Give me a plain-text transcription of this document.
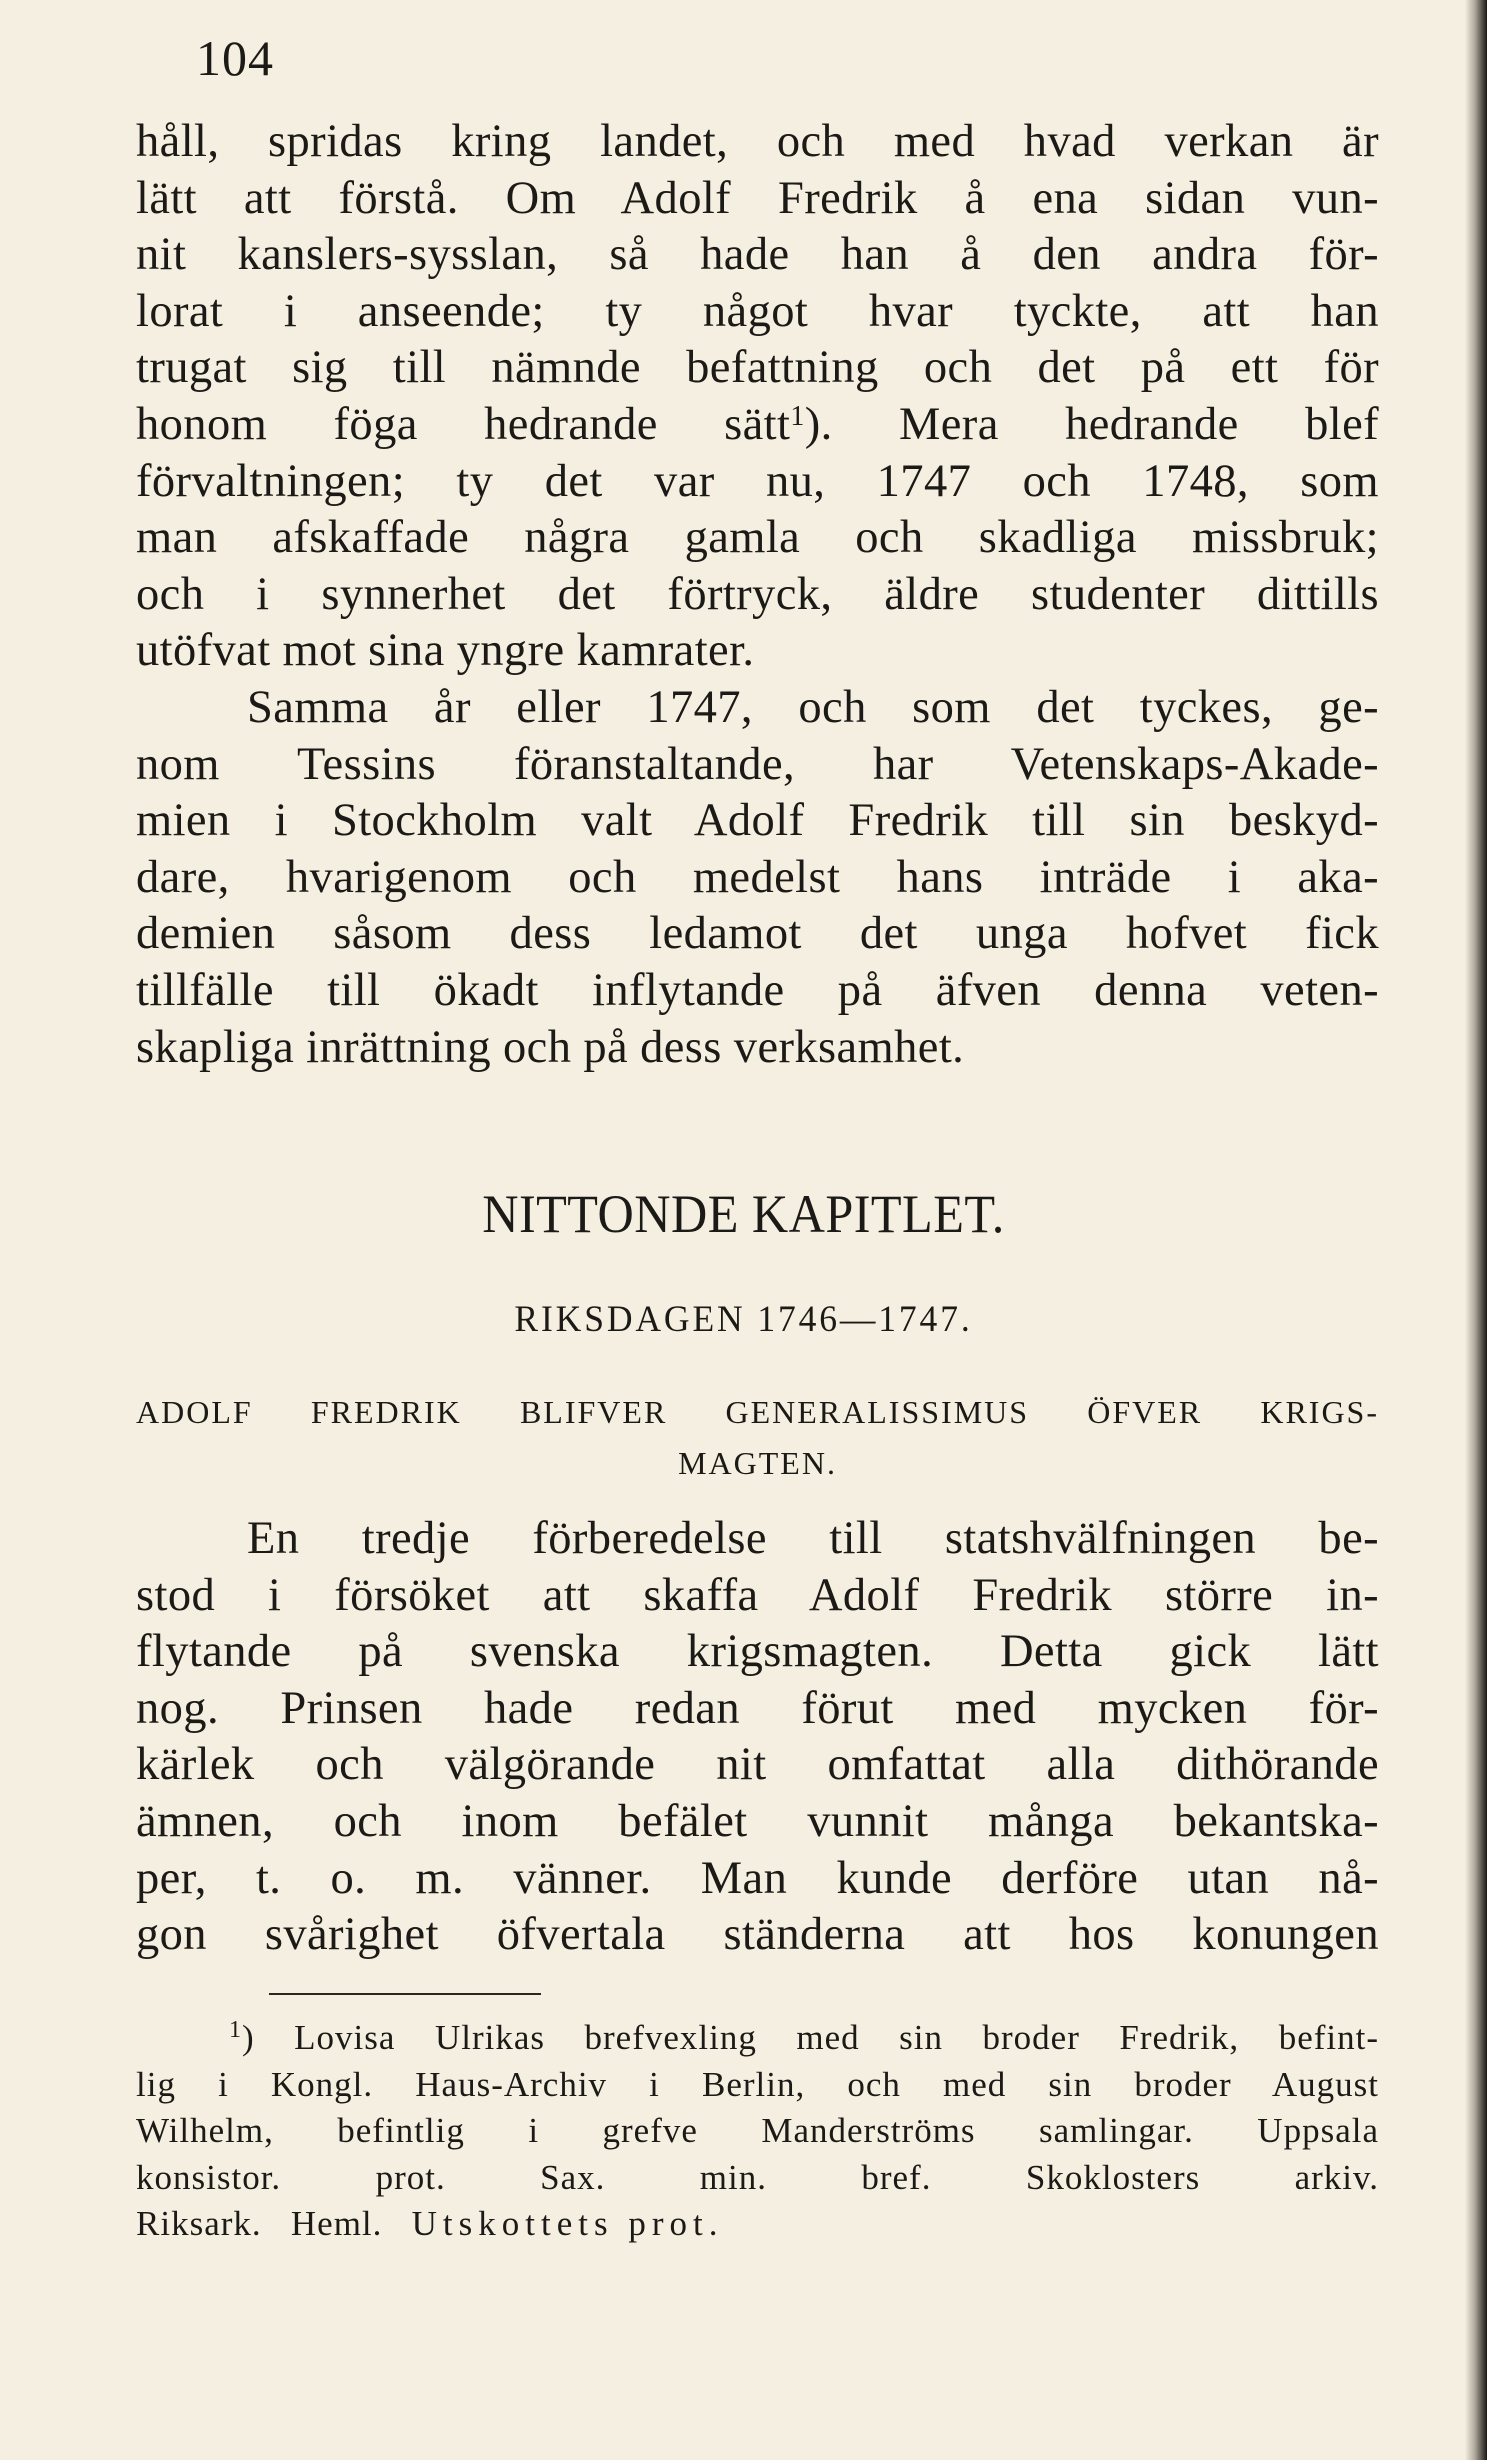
104
håll, spridas kring landet, och med hvad verkan är
lätt att förstå. Om Adolf Fredrik å ena sidan vun-
nit kanslers-sysslan, så hade han å den andra för-
lorat i anseende; ty något hvar tyckte, att han
trugat sig till nämnde befattning och det på ett för
honom föga hedrande sätt$^1$). Mera hedrande blef
förvaltningen; ty det var nu, 1747 och 1748, som
man afskaffade några gamla och skadliga missbruk;
och i synnerhet det förtryck, äldre studenter dittills
utöfvat mot sina yngre kamrater.
Samma år eller 1747, och som det tyckes, ge-
nom Tessins föranstaltande, har Vetenskaps-Akade-
mien i Stockholm valt Adolf Fredrik till sin beskyd-
dare, hvarigenom och medelst hans inträde i aka-
demien såsom dess ledamot det unga hofvet fick
tillfälle till ökadt inflytande på äfven denna veten-
skapliga inrättning och på dess verksamhet.
NITTONDE KAPITLET.
RIKSDAGEN 1746—1747.
ADOLF FREDRIK BLIFVER GENERALISSIMUS ÖFVER KRIGS-
MAGTEN.
En tredje förberedelse till statshvälfningen be-
stod i försöket att skaffa Adolf Fredrik större in-
flytande på svenska krigsmagten. Detta gick lätt
nog. Prinsen hade redan förut med mycken för-
kärlek och välgörande nit omfattat alla dithörande
ämnen, och inom befälet vunnit många bekantska-
per, t. o. m. vänner. Man kunde derföre utan nå-
gon svårighet öfvertala ständerna att hos konungen
$^1$) Lovisa Ulrikas brefvexling med sin broder Fredrik, befint-
lig i Kongl. Haus-Archiv i Berlin, och med sin broder August
Wilhelm, befintlig i grefve Manderströms samlingar. Uppsala
konsistor. prot.	Sax. min. bref.	Skoklosters arkiv.
Riksark. Heml. Utskottets prot.
